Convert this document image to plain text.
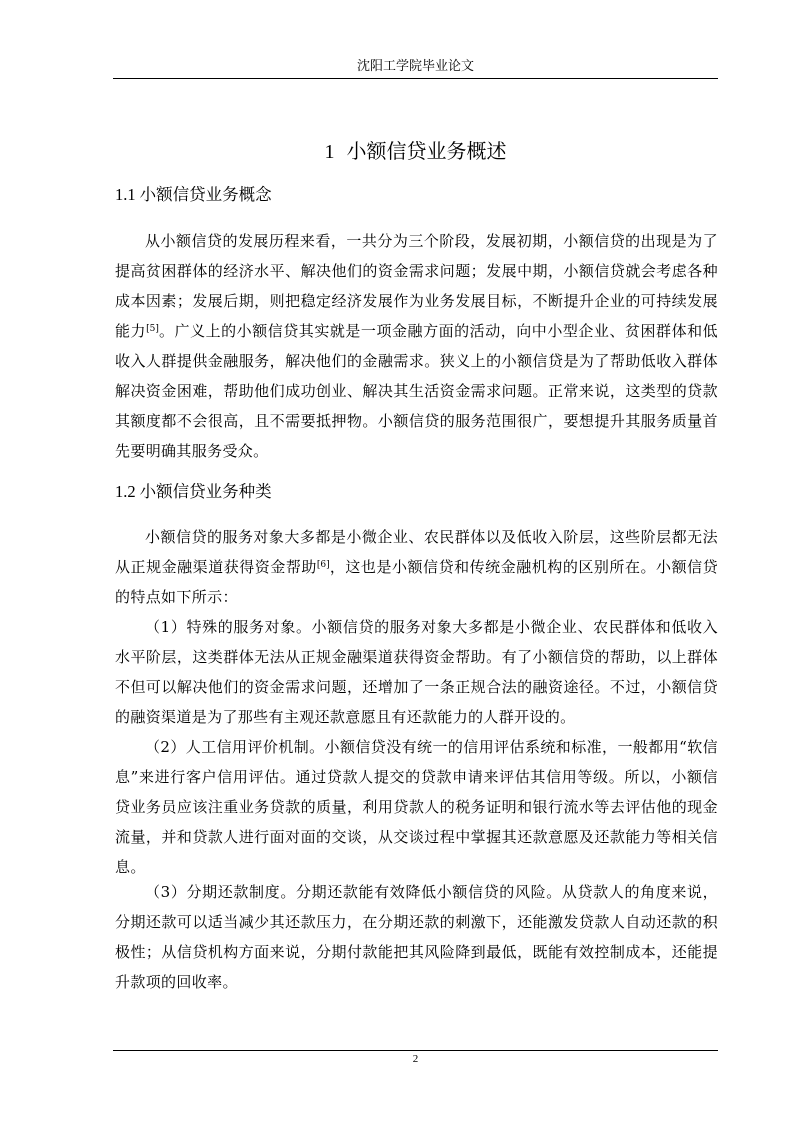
沈阳工学院毕业论文
1 小额信贷业务概述
1.1 小额信贷业务概念

从小额信贷的发展历程来看，一共分为三个阶段，发展初期，小额信贷的出现是为了提高贫困群体的经济水平、解决他们的资金需求问题；发展中期，小额信贷就会考虑各种成本因素；发展后期，则把稳定经济发展作为业务发展目标，不断提升企业的可持续发展能力[5]。广义上的小额信贷其实就是一项金融方面的活动，向中小型企业、贫困群体和低收入人群提供金融服务，解决他们的金融需求。狭义上的小额信贷是为了帮助低收入群体解决资金困难，帮助他们成功创业、解决其生活资金需求问题。正常来说，这类型的贷款其额度都不会很高，且不需要抵押物。小额信贷的服务范围很广，要想提升其服务质量首先要明确其服务受众。

1.2 小额信贷业务种类

小额信贷的服务对象大多都是小微企业、农民群体以及低收入阶层，这些阶层都无法从正规金融渠道获得资金帮助[6]，这也是小额信贷和传统金融机构的区别所在。小额信贷的特点如下所示：

（1）特殊的服务对象。小额信贷的服务对象大多都是小微企业、农民群体和低收入水平阶层，这类群体无法从正规金融渠道获得资金帮助。有了小额信贷的帮助，以上群体不但可以解决他们的资金需求问题，还增加了一条正规合法的融资途径。不过，小额信贷的融资渠道是为了那些有主观还款意愿且有还款能力的人群开设的。

（2）人工信用评价机制。小额信贷没有统一的信用评估系统和标准，一般都用“软信息”来进行客户信用评估。通过贷款人提交的贷款申请来评估其信用等级。所以，小额信贷业务员应该注重业务贷款的质量，利用贷款人的税务证明和银行流水等去评估他的现金流量，并和贷款人进行面对面的交谈，从交谈过程中掌握其还款意愿及还款能力等相关信息。

（3）分期还款制度。分期还款能有效降低小额信贷的风险。从贷款人的角度来说，分期还款可以适当减少其还款压力，在分期还款的刺激下，还能激发贷款人自动还款的积极性；从信贷机构方面来说，分期付款能把其风险降到最低，既能有效控制成本，还能提升款项的回收率。

2
